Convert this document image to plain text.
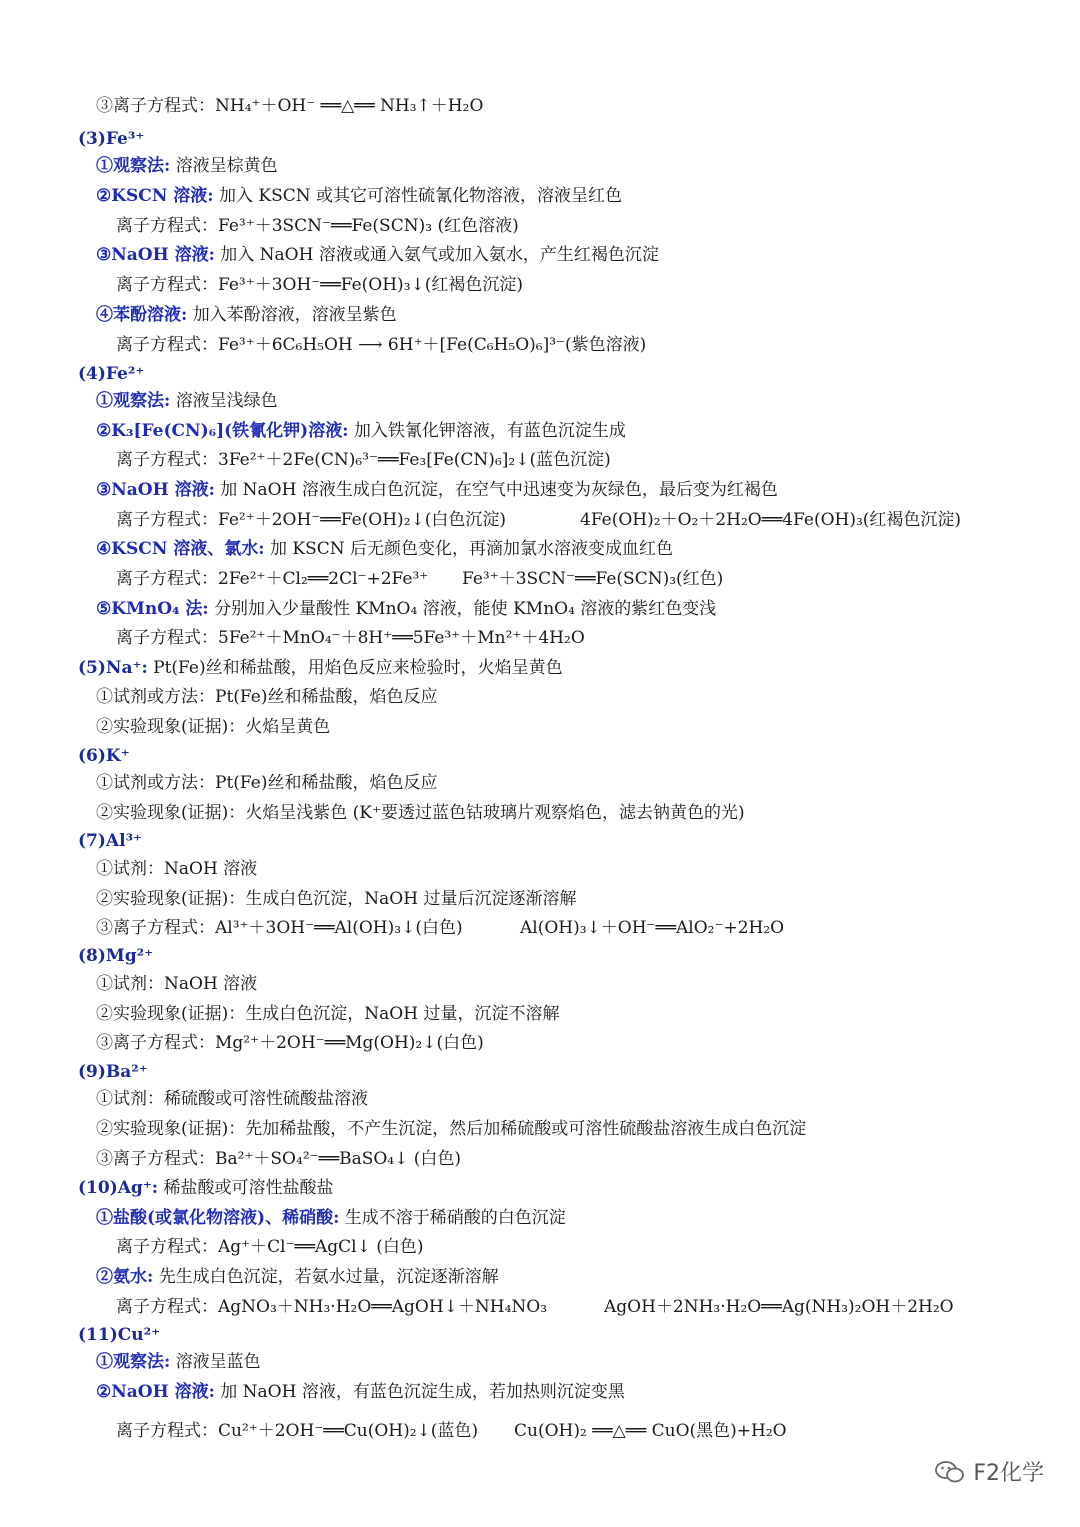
③离子方程式：NH₄⁺＋OH⁻ ══△══ NH₃↑＋H₂O
(3)Fe³⁺
①观察法: 溶液呈棕黄色
②KSCN 溶液: 加入 KSCN 或其它可溶性硫氰化物溶液，溶液呈红色
离子方程式：Fe³⁺＋3SCN⁻══Fe(SCN)₃ (红色溶液)
③NaOH 溶液: 加入 NaOH 溶液或通入氨气或加入氨水，产生红褐色沉淀
离子方程式：Fe³⁺＋3OH⁻══Fe(OH)₃↓(红褐色沉淀)
④苯酚溶液: 加入苯酚溶液，溶液呈紫色
离子方程式：Fe³⁺＋6C₆H₅OH ⟶ 6H⁺＋[Fe(C₆H₅O)₆]³⁻(紫色溶液)
(4)Fe²⁺
①观察法: 溶液呈浅绿色
②K₃[Fe(CN)₆](铁氰化钾)溶液: 加入铁氰化钾溶液，有蓝色沉淀生成
离子方程式：3Fe²⁺＋2Fe(CN)₆³⁻══Fe₃[Fe(CN)₆]₂↓(蓝色沉淀)
③NaOH 溶液: 加 NaOH 溶液生成白色沉淀，在空气中迅速变为灰绿色，最后变为红褐色
离子方程式：Fe²⁺＋2OH⁻══Fe(OH)₂↓(白色沉淀)	4Fe(OH)₂＋O₂＋2H₂O══4Fe(OH)₃(红褐色沉淀)
④KSCN 溶液、氯水: 加 KSCN 后无颜色变化，再滴加氯水溶液变成血红色
离子方程式：2Fe²⁺＋Cl₂══2Cl⁻+2Fe³⁺ Fe³⁺＋3SCN⁻══Fe(SCN)₃(红色)
⑤KMnO₄ 法: 分别加入少量酸性 KMnO₄ 溶液，能使 KMnO₄ 溶液的紫红色变浅
离子方程式：5Fe²⁺＋MnO₄⁻＋8H⁺══5Fe³⁺＋Mn²⁺＋4H₂O
(5)Na⁺: Pt(Fe)丝和稀盐酸，用焰色反应来检验时，火焰呈黄色
①试剂或方法：Pt(Fe)丝和稀盐酸，焰色反应
②实验现象(证据)：火焰呈黄色
(6)K⁺
①试剂或方法：Pt(Fe)丝和稀盐酸，焰色反应
②实验现象(证据)：火焰呈浅紫色 (K⁺要透过蓝色钴玻璃片观察焰色，滤去钠黄色的光)
(7)Al³⁺
①试剂：NaOH 溶液
②实验现象(证据)：生成白色沉淀，NaOH 过量后沉淀逐渐溶解
③离子方程式：Al³⁺＋3OH⁻══Al(OH)₃↓(白色)	Al(OH)₃↓＋OH⁻══AlO₂⁻+2H₂O
(8)Mg²⁺
①试剂：NaOH 溶液
②实验现象(证据)：生成白色沉淀，NaOH 过量，沉淀不溶解
③离子方程式：Mg²⁺＋2OH⁻══Mg(OH)₂↓(白色)
(9)Ba²⁺
①试剂：稀硫酸或可溶性硫酸盐溶液
②实验现象(证据)：先加稀盐酸，不产生沉淀，然后加稀硫酸或可溶性硫酸盐溶液生成白色沉淀
③离子方程式：Ba²⁺＋SO₄²⁻══BaSO₄↓ (白色)
(10)Ag⁺: 稀盐酸或可溶性盐酸盐
①盐酸(或氯化物溶液)、稀硝酸: 生成不溶于稀硝酸的白色沉淀
离子方程式：Ag⁺＋Cl⁻══AgCl↓ (白色)
②氨水: 先生成白色沉淀，若氨水过量，沉淀逐渐溶解
离子方程式：AgNO₃＋NH₃·H₂O══AgOH↓＋NH₄NO₃	AgOH＋2NH₃·H₂O══Ag(NH₃)₂OH＋2H₂O
(11)Cu²⁺
①观察法: 溶液呈蓝色
②NaOH 溶液: 加 NaOH 溶液，有蓝色沉淀生成，若加热则沉淀变黑
离子方程式：Cu²⁺＋2OH⁻══Cu(OH)₂↓(蓝色) Cu(OH)₂ ══△══ CuO(黑色)+H₂O
F2化学
